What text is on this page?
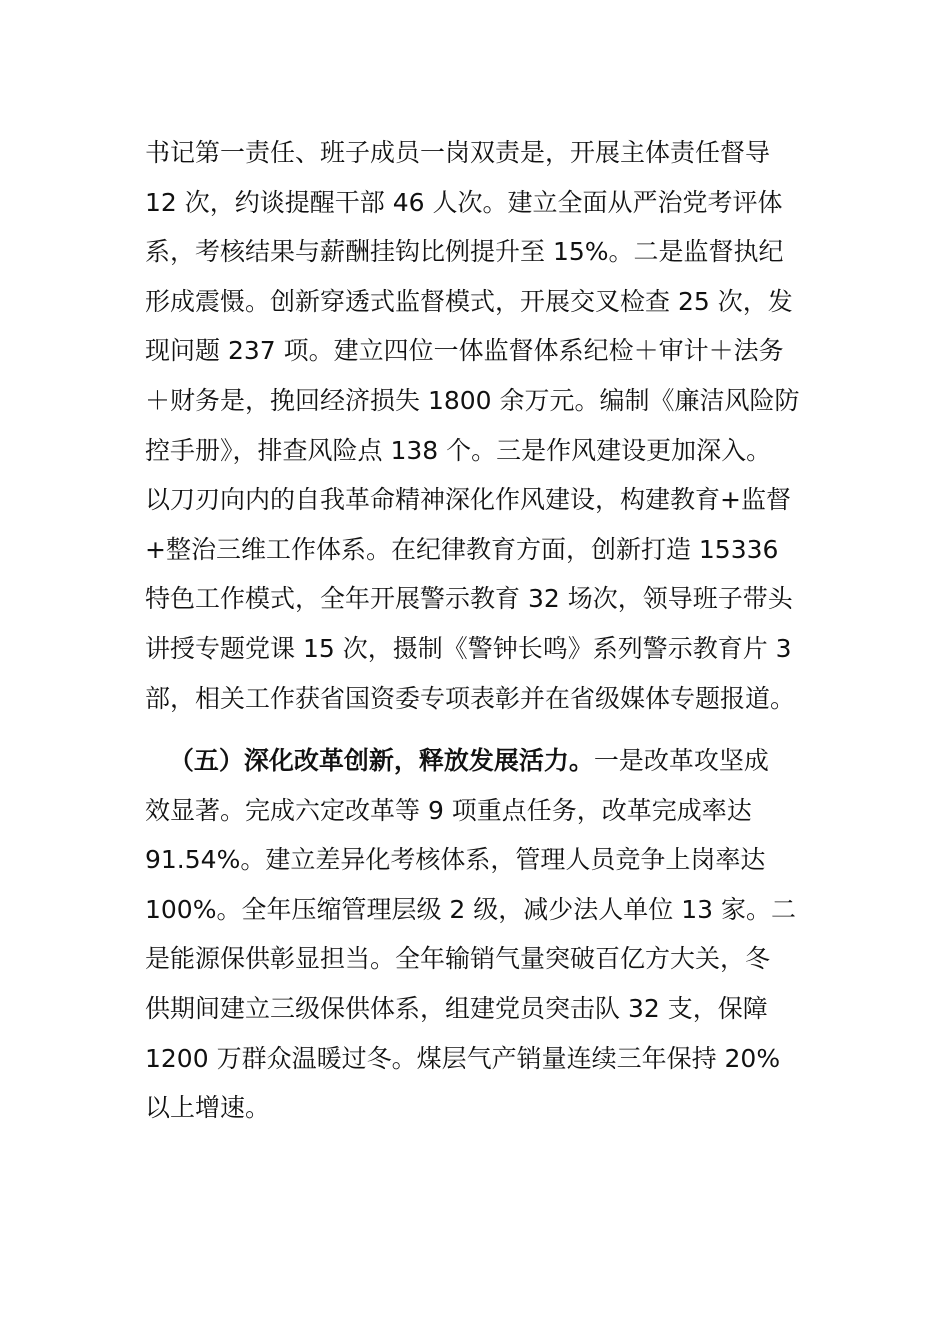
书记第一责任、班子成员一岗双责是，开展主体责任督导
12 次，约谈提醒干部 46 人次。建立全面从严治党考评体
系，考核结果与薪酬挂钩比例提升至 15%。二是监督执纪
形成震慑。创新穿透式监督模式，开展交叉检查 25 次，发
现问题 237 项。建立四位一体监督体系纪检＋审计＋法务
＋财务是，挽回经济损失 1800 余万元。编制《廉洁风险防
控手册》，排查风险点 138 个。三是作风建设更加深入。
以刀刃向内的自我革命精神深化作风建设，构建教育+监督
+整治三维工作体系。在纪律教育方面，创新打造 15336
特色工作模式，全年开展警示教育 32 场次，领导班子带头
讲授专题党课 15 次，摄制《警钟长鸣》系列警示教育片 3
部，相关工作获省国资委专项表彰并在省级媒体专题报道。
（五）深化改革创新，释放发展活力。一是改革攻坚成
效显著。完成六定改革等 9 项重点任务，改革完成率达
91.54%。建立差异化考核体系，管理人员竞争上岗率达
100%。全年压缩管理层级 2 级，减少法人单位 13 家。二
是能源保供彰显担当。全年输销气量突破百亿方大关，冬
供期间建立三级保供体系，组建党员突击队 32 支，保障
1200 万群众温暖过冬。煤层气产销量连续三年保持 20%
以上增速。
